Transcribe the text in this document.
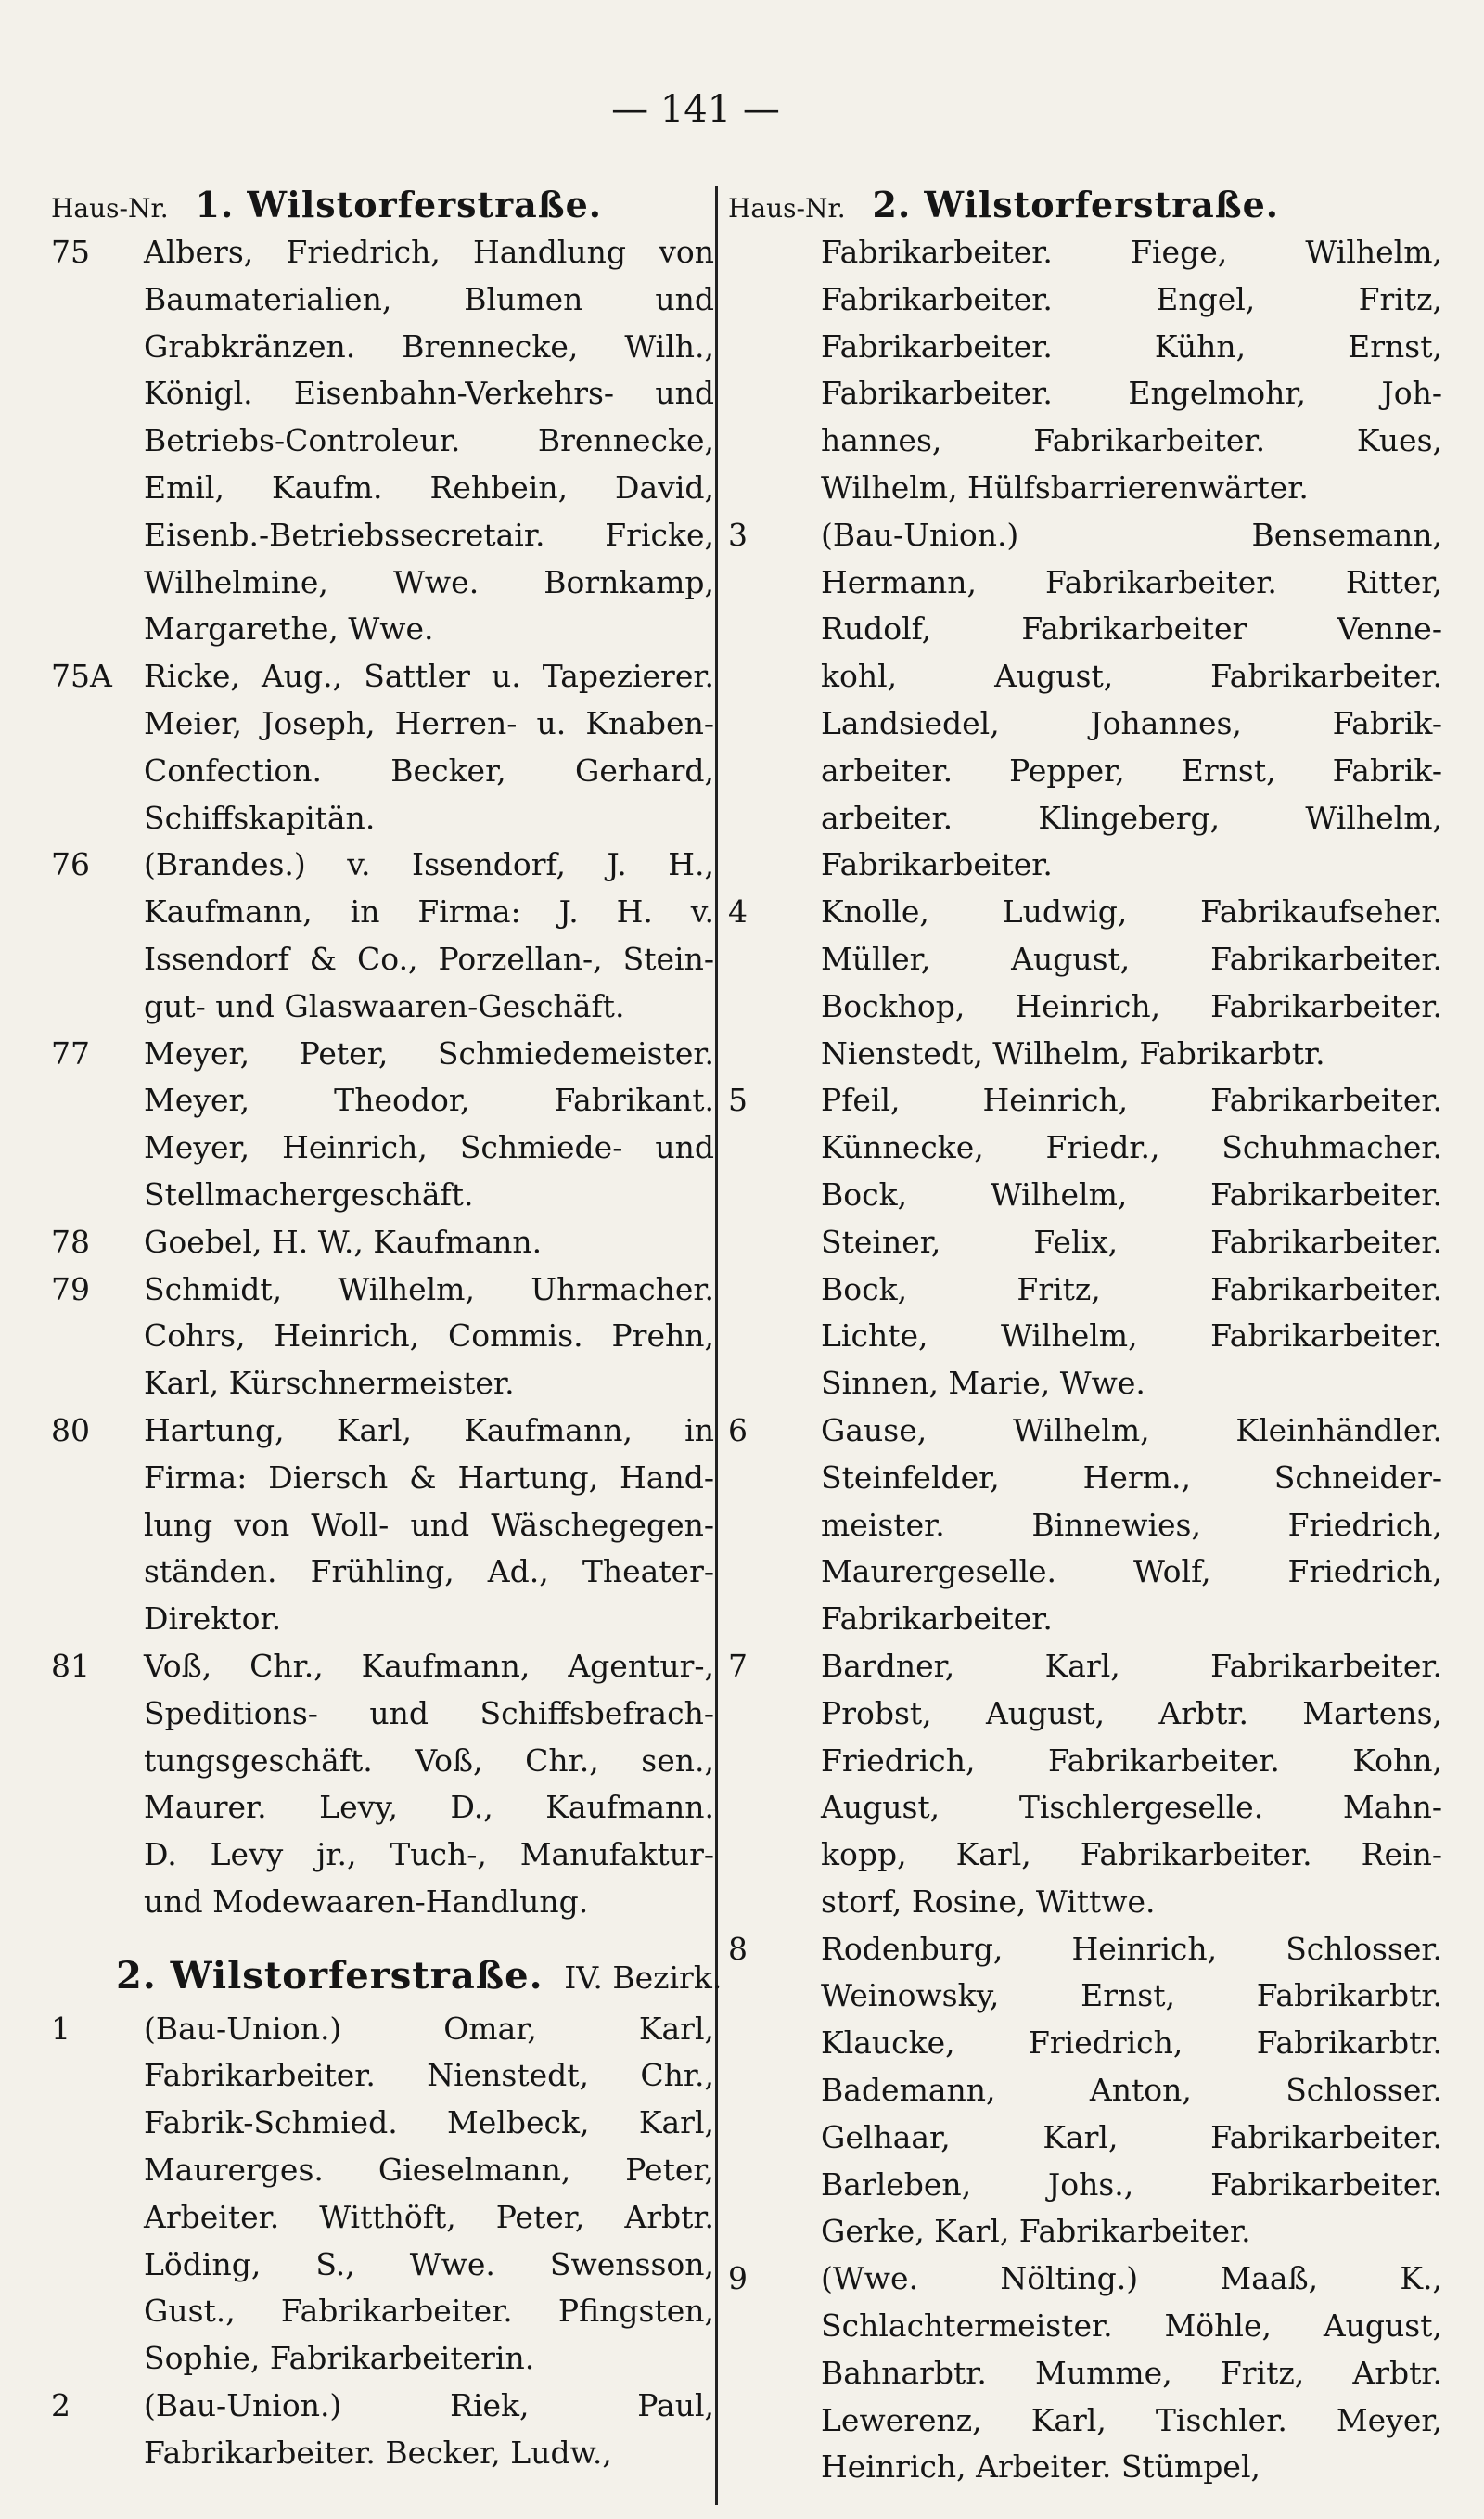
— 141 —
Haus-Nr. 1. Wilstorferstraße.
75	Albers, Friedrich, Handlung von
Baumaterialien, Blumen und
Grabkränzen. Brennecke, Wilh.,
Königl. Eisenbahn-Verkehrs- und
Betriebs-Controleur. Brennecke,
Emil, Kaufm. Rehbein, David,
Eisenb.-Betriebssecretair. Fricke,
Wilhelmine, Wwe. Bornkamp,
Margarethe, Wwe.
75A	Ricke, Aug., Sattler u. Tapezierer.
Meier, Joseph, Herren- u. Knaben-
Confection. Becker, Gerhard,
Schiffskapitän.
76	(Brandes.) v. Issendorf, J. H.,
Kaufmann, in Firma: J. H. v.
Issendorf & Co., Porzellan-, Stein-
gut- und Glaswaaren-Geschäft.
77	Meyer, Peter, Schmiedemeister.
Meyer, Theodor, Fabrikant.
Meyer, Heinrich, Schmiede- und
Stellmachergeschäft.
78	Goebel, H. W., Kaufmann.
79	Schmidt, Wilhelm, Uhrmacher.
Cohrs, Heinrich, Commis. Prehn,
Karl, Kürschnermeister.
80	Hartung, Karl, Kaufmann, in
Firma: Diersch & Hartung, Hand-
lung von Woll- und Wäschegegen-
ständen. Frühling, Ad., Theater-
Direktor.
81	Voß, Chr., Kaufmann, Agentur-,
Speditions- und Schiffsbefrach-
tungsgeschäft. Voß, Chr., sen.,
Maurer. Levy, D., Kaufmann.
D. Levy jr., Tuch-, Manufaktur-
und Modewaaren-Handlung.
2. Wilstorferstraße. IV. Bezirk.
1	(Bau-Union.) Omar, Karl,
Fabrikarbeiter. Nienstedt, Chr.,
Fabrik-Schmied. Melbeck, Karl,
Maurerges. Gieselmann, Peter,
Arbeiter. Witthöft, Peter, Arbtr.
Löding, S., Wwe. Swensson,
Gust., Fabrikarbeiter. Pfingsten,
Sophie, Fabrikarbeiterin.
2	(Bau-Union.) Riek, Paul,
Fabrikarbeiter. Becker, Ludw.,
Haus-Nr. 2. Wilstorferstraße.
Fabrikarbeiter. Fiege, Wilhelm,
Fabrikarbeiter. Engel, Fritz,
Fabrikarbeiter. Kühn, Ernst,
Fabrikarbeiter. Engelmohr, Joh-
hannes, Fabrikarbeiter. Kues,
Wilhelm, Hülfsbarrierenwärter.
3	(Bau-Union.) Bensemann,
Hermann, Fabrikarbeiter. Ritter,
Rudolf, Fabrikarbeiter Venne-
kohl, August, Fabrikarbeiter.
Landsiedel, Johannes, Fabrik-
arbeiter. Pepper, Ernst, Fabrik-
arbeiter. Klingeberg, Wilhelm,
Fabrikarbeiter.
4	Knolle, Ludwig, Fabrikaufseher.
Müller, August, Fabrikarbeiter.
Bockhop, Heinrich, Fabrikarbeiter.
Nienstedt, Wilhelm, Fabrikarbtr.
5	Pfeil, Heinrich, Fabrikarbeiter.
Künnecke, Friedr., Schuhmacher.
Bock, Wilhelm, Fabrikarbeiter.
Steiner, Felix, Fabrikarbeiter.
Bock, Fritz, Fabrikarbeiter.
Lichte, Wilhelm, Fabrikarbeiter.
Sinnen, Marie, Wwe.
6	Gause, Wilhelm, Kleinhändler.
Steinfelder, Herm., Schneider-
meister. Binnewies, Friedrich,
Maurergeselle. Wolf, Friedrich,
Fabrikarbeiter.
7	Bardner, Karl, Fabrikarbeiter.
Probst, August, Arbtr. Martens,
Friedrich, Fabrikarbeiter. Kohn,
August, Tischlergeselle. Mahn-
kopp, Karl, Fabrikarbeiter. Rein-
storf, Rosine, Wittwe.
8	Rodenburg, Heinrich, Schlosser.
Weinowsky, Ernst, Fabrikarbtr.
Klaucke, Friedrich, Fabrikarbtr.
Bademann, Anton, Schlosser.
Gelhaar, Karl, Fabrikarbeiter.
Barleben, Johs., Fabrikarbeiter.
Gerke, Karl, Fabrikarbeiter.
9	(Wwe. Nölting.) Maaß, K.,
Schlachtermeister. Möhle, August,
Bahnarbtr. Mumme, Fritz, Arbtr.
Lewerenz, Karl, Tischler. Meyer,
Heinrich, Arbeiter. Stümpel,
